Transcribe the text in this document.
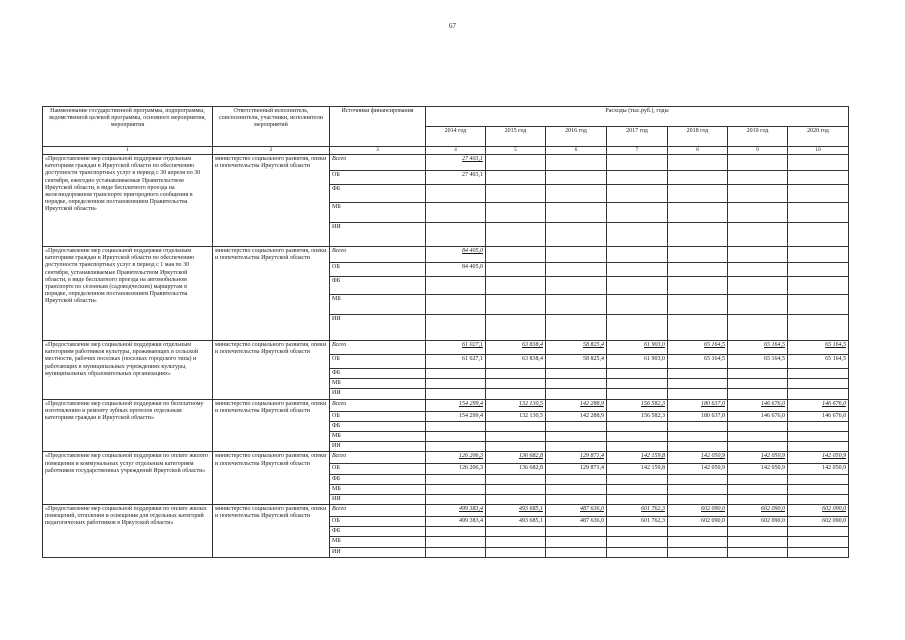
67
Наименование государственной программы, подпрограммы, ведомственной целевой программы, основного мероприятия, мероприятия	Ответственный исполнитель, соисполнители, участники, исполнители мероприятий	Источники финансирования	Расходы (тыс.руб.), годы						
			2014 год	2015 год	2016 год	2017 год	2018 год	2019 год	2020 год
1	2	3	4	5	6	7	8	9	10
«Предоставление мер социальной поддержки отдельным категориям граждан в Иркутской области по обеспечению доступности транспортных услуг в период с 30 апреля по 30 сентября, ежегодно устанавливаемые Правительством Иркутской области, в виде бесплатного проезда на железнодорожном транспорте пригородного сообщения в порядке, определенном постановлением Правительства Иркутской области»	министерство социального развития, опеки и попечительства Иркутской области	Всего	27 403,1						
		ОБ	27 403,1						
		ФБ							
		МБ							
		ИИ							
«Предоставление мер социальной поддержки отдельным категориям граждан в Иркутской области по обеспечению доступности транспортных услуг в период с 1 мая по 30 сентября, устанавливаемые Правительством Иркутской области, в виде бесплатного проезда на автомобильном транспорте по сезонным (садоводческим) маршрутам в порядке, определенном постановлением Правительства Иркутской области»	министерство социального развития, опеки и попечительства Иркутской области	Всего	84 405,0						
		ОБ	84 405,0						
		ФБ							
		МБ							
		ИИ							
«Предоставление мер социальной поддержки отдельным категориям работников культуры, проживающих в сельской местности, рабочих поселках (поселках городского типа) и работающих в муниципальных учреждениях культуры, муниципальных образовательных организациях»	министерство социального развития, опеки и попечительства Иркутской области	Всего	61 027,1	63 838,4	58 825,4	61 903,0	65 164,5	65 164,5	65 164,5
		ОБ	61 027,1	63 838,4	58 825,4	61 903,0	65 164,5	65 164,5	65 164,5
		ФБ							
		МБ							
		ИИ							
«Предоставление мер социальной поддержки по бесплатному изготовлению и ремонту зубных протезов отдельным категориям граждан в Иркутской области»	министерство социального развития, опеки и попечительства Иркутской области	Всего	154 299,4	132 130,5	142 288,9	156 582,3	180 637,0	146 676,0	146 676,0
		ОБ	154 299,4	132 130,5	142 288,9	156 582,3	180 637,0	146 676,0	146 676,0
		ФБ							
		МБ							
		ИИ							
«Предоставление мер социальной поддержки по оплате жилого помещения и коммунальных услуг отдельным категориям работников государственных учреждений Иркутской области»	министерство социального развития, опеки и попечительства Иркутской области	Всего	126 206,3	136 682,8	129 871,4	142 159,8	142 050,9	142 050,9	142 050,9
		ОБ	126 206,3	136 682,8	129 871,4	142 159,8	142 050,9	142 050,9	142 050,9
		ФБ							
		МБ							
		ИИ							
«Предоставление мер социальной поддержки по оплате жилых помещений, отопления и освещения для отдельных категорий педагогических работников в Иркутской области»	министерство социального развития, опеки и попечительства Иркутской области	Всего	499 383,4	493 685,1	487 636,0	601 762,3	602 090,0	602 090,0	602 090,0
		ОБ	499 383,4	493 685,1	487 636,0	601 762,3	602 090,0	602 090,0	602 090,0
		ФБ							
		МБ							
		ИИ							
